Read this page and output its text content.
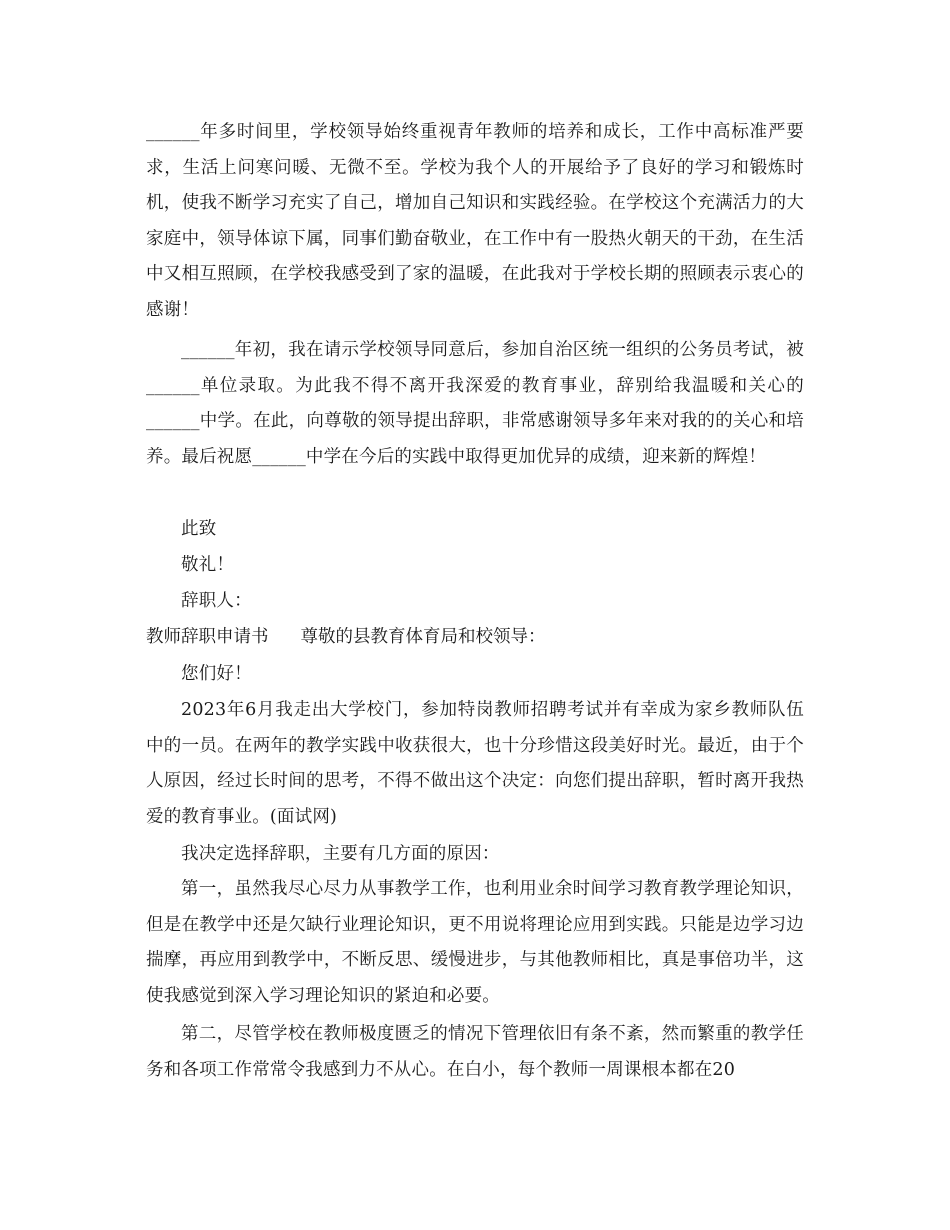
______年多时间里，学校领导始终重视青年教师的培养和成长，工作中高标准严要求，生活上问寒问暖、无微不至。学校为我个人的开展给予了良好的学习和锻炼时机，使我不断学习充实了自己，增加自己知识和实践经验。在学校这个充满活力的大家庭中，领导体谅下属，同事们勤奋敬业，在工作中有一股热火朝天的干劲，在生活中又相互照顾，在学校我感受到了家的温暖，在此我对于学校长期的照顾表示衷心的感谢！

______年初，我在请示学校领导同意后，参加自治区统一组织的公务员考试，被______单位录取。为此我不得不离开我深爱的教育事业，辞别给我温暖和关心的______中学。在此，向尊敬的领导提出辞职，非常感谢领导多年来对我的的关心和培养。最后祝愿______中学在今后的实践中取得更加优异的成绩，迎来新的辉煌！

此致

敬礼！

辞职人：

教师辞职申请书 尊敬的县教育体育局和校领导：

您们好！

2023年6月我走出大学校门，参加特岗教师招聘考试并有幸成为家乡教师队伍中的一员。在两年的教学实践中收获很大，也十分珍惜这段美好时光。最近，由于个人原因，经过长时间的思考，不得不做出这个决定：向您们提出辞职，暂时离开我热爱的教育事业。(面试网)

我决定选择辞职，主要有几方面的原因：

第一，虽然我尽心尽力从事教学工作，也利用业余时间学习教育教学理论知识，但是在教学中还是欠缺行业理论知识，更不用说将理论应用到实践。只能是边学习边揣摩，再应用到教学中，不断反思、缓慢进步，与其他教师相比，真是事倍功半，这使我感觉到深入学习理论知识的紧迫和必要。

第二，尽管学校在教师极度匮乏的情况下管理依旧有条不紊，然而繁重的教学任务和各项工作常常令我感到力不从心。在白小，每个教师一周课根本都在20
